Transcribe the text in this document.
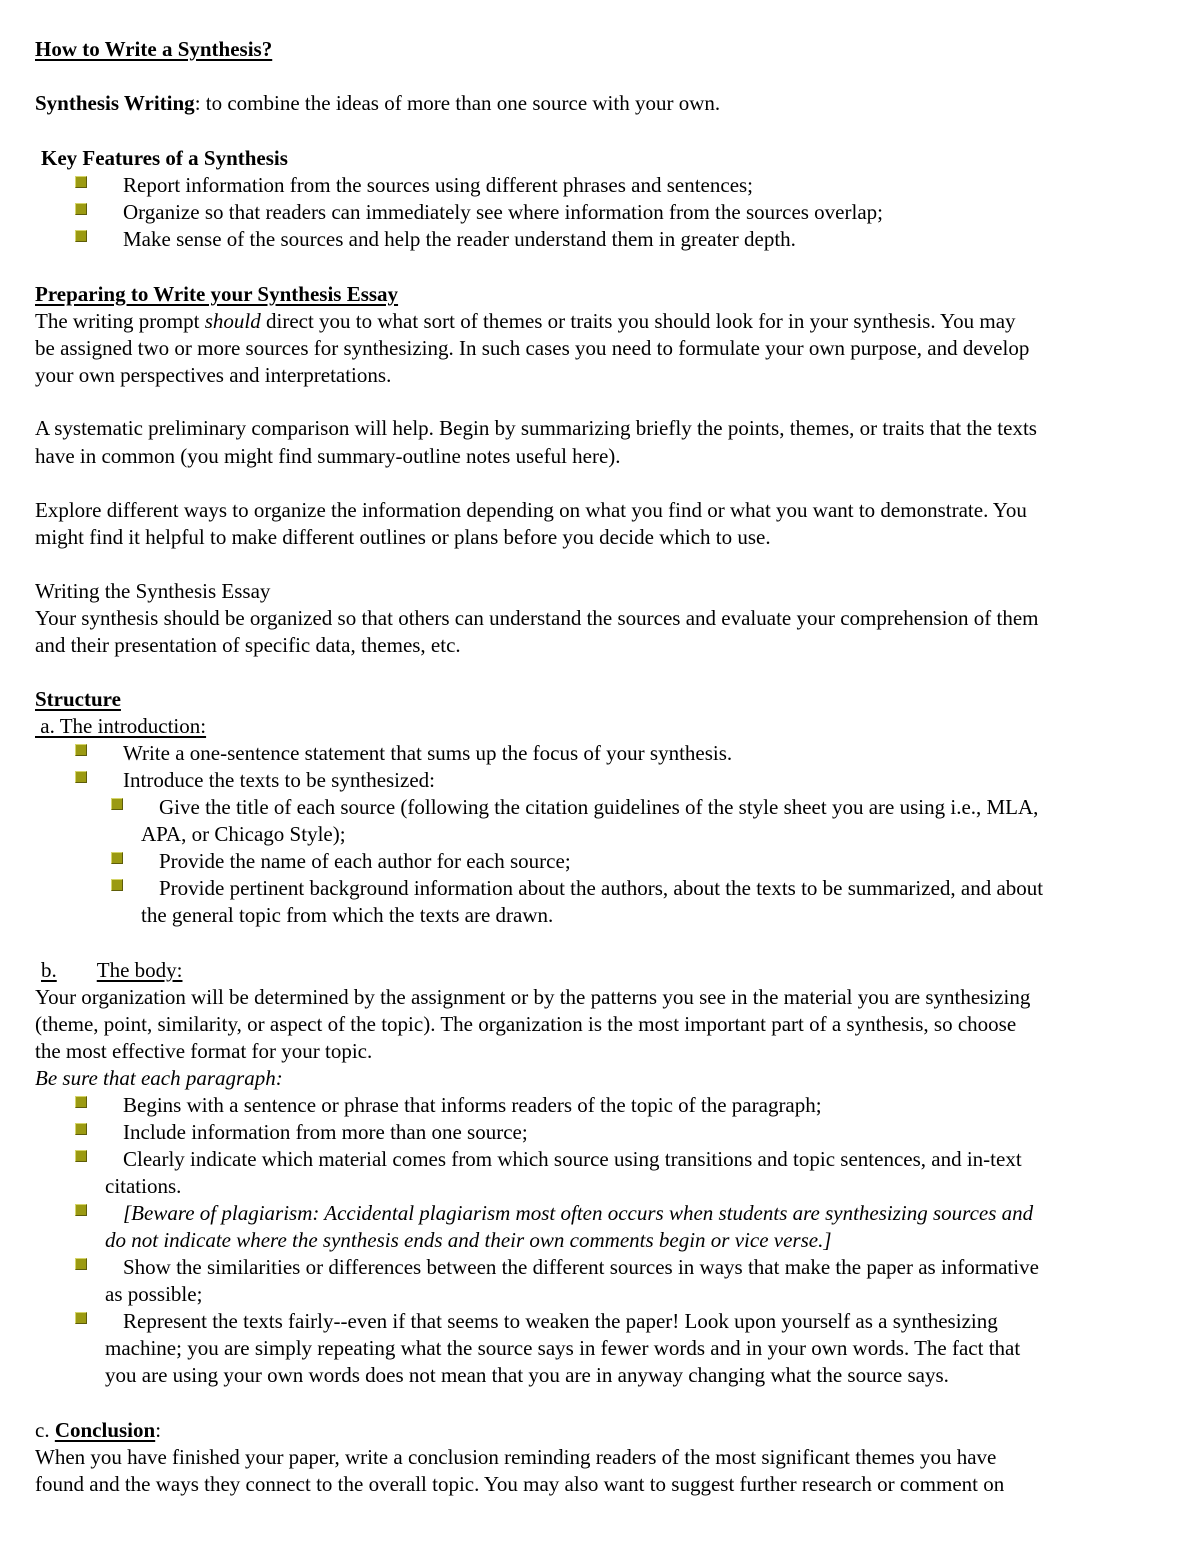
How to Write a Synthesis?
Synthesis Writing: to combine the ideas of more than one source with your own.
Key Features of a Synthesis
Report information from the sources using different phrases and sentences;
Organize so that readers can immediately see where information from the sources overlap;
Make sense of the sources and help the reader understand them in greater depth.
Preparing to Write your Synthesis Essay
The writing prompt should direct you to what sort of themes or traits you should look for in your synthesis. You may
be assigned two or more sources for synthesizing. In such cases you need to formulate your own purpose, and develop
your own perspectives and interpretations.
A systematic preliminary comparison will help. Begin by summarizing briefly the points, themes, or traits that the texts
have in common (you might find summary-outline notes useful here).
Explore different ways to organize the information depending on what you find or what you want to demonstrate. You
might find it helpful to make different outlines or plans before you decide which to use.
Writing the Synthesis Essay
Your synthesis should be organized so that others can understand the sources and evaluate your comprehension of them
and their presentation of specific data, themes, etc.
Structure
a. The introduction:
Write a one-sentence statement that sums up the focus of your synthesis.
Introduce the texts to be synthesized:
Give the title of each source (following the citation guidelines of the style sheet you are using i.e., MLA,
APA, or Chicago Style);
Provide the name of each author for each source;
Provide pertinent background information about the authors, about the texts to be summarized, and about
the general topic from which the texts are drawn.
b. The body:
Your organization will be determined by the assignment or by the patterns you see in the material you are synthesizing
(theme, point, similarity, or aspect of the topic). The organization is the most important part of a synthesis, so choose
the most effective format for your topic.
Be sure that each paragraph:
Begins with a sentence or phrase that informs readers of the topic of the paragraph;
Include information from more than one source;
Clearly indicate which material comes from which source using transitions and topic sentences, and in-text
citations.
[Beware of plagiarism: Accidental plagiarism most often occurs when students are synthesizing sources and
do not indicate where the synthesis ends and their own comments begin or vice verse.]
Show the similarities or differences between the different sources in ways that make the paper as informative
as possible;
Represent the texts fairly--even if that seems to weaken the paper! Look upon yourself as a synthesizing
machine; you are simply repeating what the source says in fewer words and in your own words. The fact that
you are using your own words does not mean that you are in anyway changing what the source says.
c. Conclusion:
When you have finished your paper, write a conclusion reminding readers of the most significant themes you have
found and the ways they connect to the overall topic. You may also want to suggest further research or comment on
